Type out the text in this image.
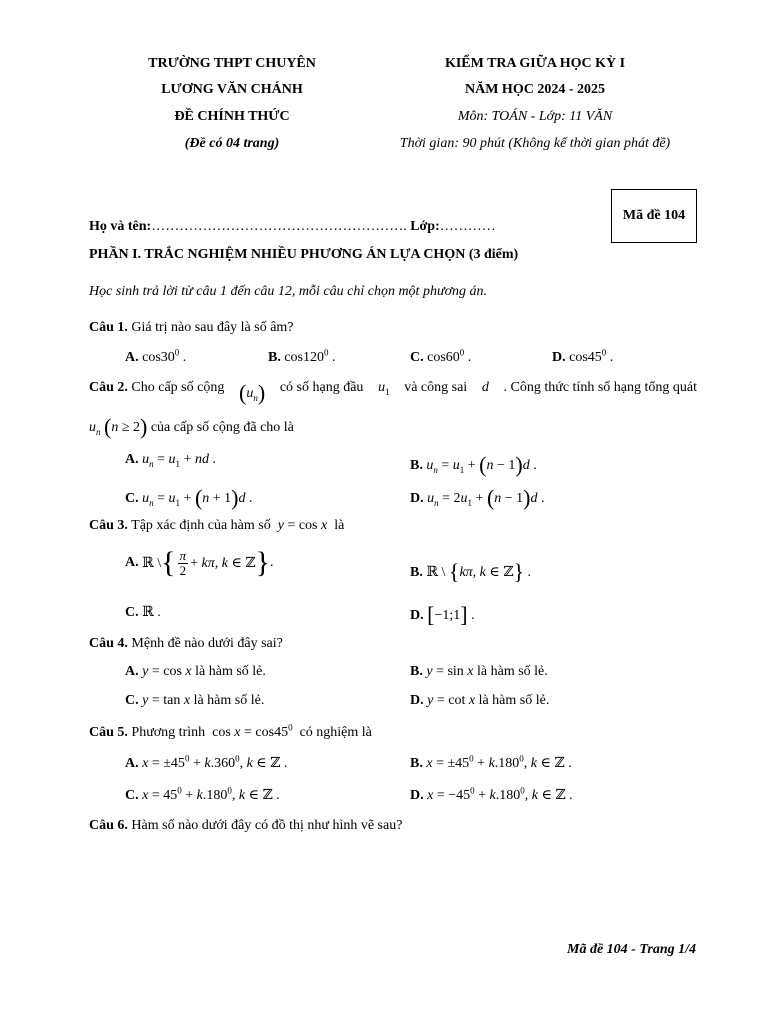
TRƯỜNG THPT CHUYÊN
LƯƠNG VĂN CHÁNH
ĐỀ CHÍNH THỨC
(Đề có 04 trang)
KIỂM TRA GIỮA HỌC KỲ I
NĂM HỌC 2024 - 2025
Môn: TOÁN - Lớp: 11 VĂN
Thời gian: 90 phút (Không kể thời gian phát đề)
Mã đề 104
Họ và tên:………………………………………………. Lớp:…………
PHẦN I. TRẮC NGHIỆM NHIỀU PHƯƠNG ÁN LỰA CHỌN (3 điểm)
Học sinh trả lời từ câu 1 đến câu 12, mỗi câu chỉ chọn một phương án.
Câu 1. Giá trị nào sau đây là số âm?
A. $\cos 30^0$ .	B. $\cos 120^0$ .	C. $\cos 60^0$ .	D. $\cos 45^0$ .
Câu 2. Cho cấp số cộng $(u_n)$ có số hạng đầu $u_1$ và công sai d . Công thức tính số hạng tổng quát
$u_n$ (n ≥ 2) của cấp số cộng đã cho là
A. $u_n = u_1$ + nd .	B. $u_n = u_1 + (n - 1)d$ .
C. $u_n = u_1 + (n + 1)d$ .	D. $u_n = 2u_1 + (n - 1)d$ .
Câu 3. Tập xác định của hàm số y = cos x là
A.
ℝ \ { $\frac{\pi}{2} + k\pi$, k ∈ ℤ } .
B. ℝ \ {kπ, k ∈ ℤ} .
C. ℝ .	D. [−1;1] .
Câu 4. Mệnh đề nào dưới đây sai?
A. y = cos x là hàm số lẻ.	B. y = sin x là hàm số lẻ.
C. y = tan x là hàm số lẻ.	D. y = cot x là hàm số lẻ.
Câu 5. Phương trình  $\cos x = \cos 45^0$ có nghiệm là
A. $x = \pm 45^0 + k.360^0$, k ∈ ℤ .	B. $x = \pm 45^0 + k.180^0$, k ∈ ℤ .
C. $x = 45^0 + k.180^0$, k ∈ ℤ .	D. $x = -45^0 + k.180^0$, k ∈ ℤ .
Câu 6. Hàm số nào dưới đây có đồ thị như hình vẽ sau?
Mã đề 104 - Trang 1/4
